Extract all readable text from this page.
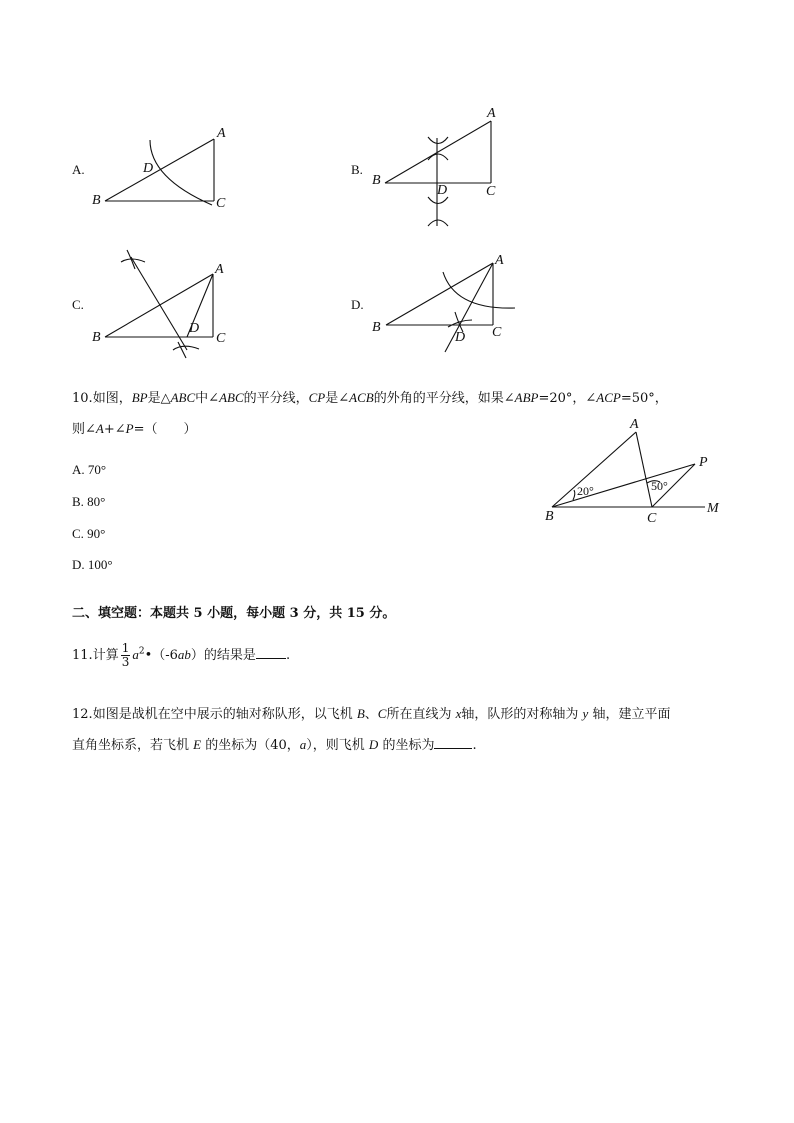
A.
A
B	C
D	B.
A
B
C
D
C.
A
B	C
D
D.
A
B	C
D
10.如图，BP是△ABC中∠ABC的平分线，CP是∠ACB的外角的平分线，如果∠ABP=20°，∠ACP=50°，
则∠A+∠P=（　　）
A. 70°
B. 80°
C. 90°
D. 100°
A
B	C
P
M
20°	50°
二、填空题：本题共 5 小题，每小题 3 分，共 15 分。
11.计算 $\frac{1}{3}$ $a^2•(-6ab)$的结果是 .
12.如图是战机在空中展示的轴对称队形，以飞机 B、C所在直线为 x轴，队形的对称轴为 y 轴，建立平面
直角坐标系，若飞机 E 的坐标为（40，a），则飞机 D 的坐标为	.
